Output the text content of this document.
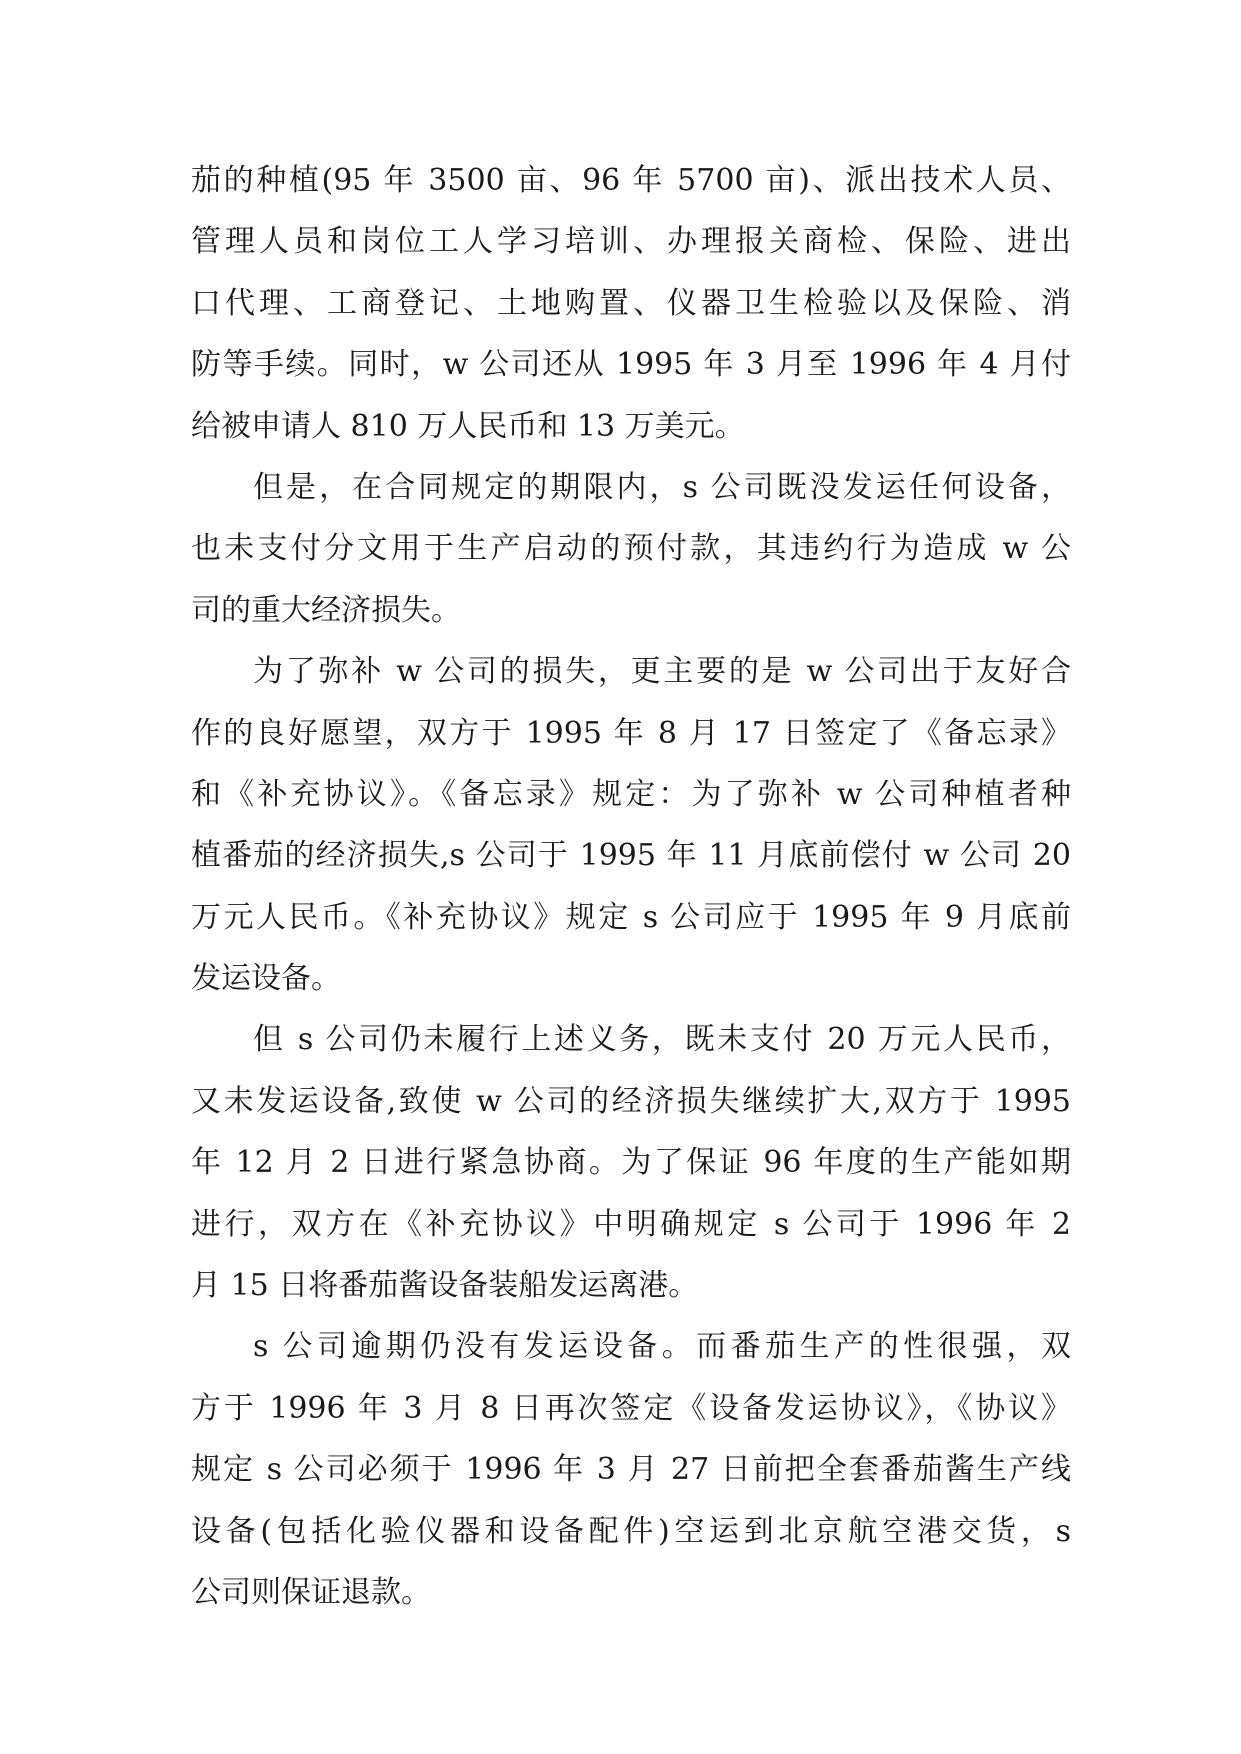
茄的种植(95 年 3500 亩、96 年 5700 亩)、派出技术人员、
管理人员和岗位工人学习培训、办理报关商检、保险、进出
口代理、工商登记、土地购置、仪器卫生检验以及保险、消
防等手续。同时，w 公司还从 1995 年 3 月至 1996 年 4 月付
给被申请人 810 万人民币和 13 万美元。
但是，在合同规定的期限内，s 公司既没发运任何设备，
也未支付分文用于生产启动的预付款，其违约行为造成 w 公
司的重大经济损失。
为了弥补 w 公司的损失，更主要的是 w 公司出于友好合
作的良好愿望，双方于 1995 年 8 月 17 日签定了《备忘录》
和《补充协议》。《备忘录》规定：为了弥补 w 公司种植者种
植番茄的经济损失,s 公司于 1995 年 11 月底前偿付 w 公司 20
万元人民币。《补充协议》规定 s 公司应于 1995 年 9 月底前
发运设备。
但 s 公司仍未履行上述义务，既未支付 20 万元人民币，
又未发运设备,致使 w 公司的经济损失继续扩大,双方于 1995
年 12 月 2 日进行紧急协商。为了保证 96 年度的生产能如期
进行，双方在《补充协议》中明确规定 s 公司于 1996 年 2
月 15 日将番茄酱设备装船发运离港。
s 公司逾期仍没有发运设备。而番茄生产的性很强，双
方于 1996 年 3 月 8 日再次签定《设备发运协议》，《协议》
规定 s 公司必须于 1996 年 3 月 27 日前把全套番茄酱生产线
设备(包括化验仪器和设备配件)空运到北京航空港交货，s
公司则保证退款。
